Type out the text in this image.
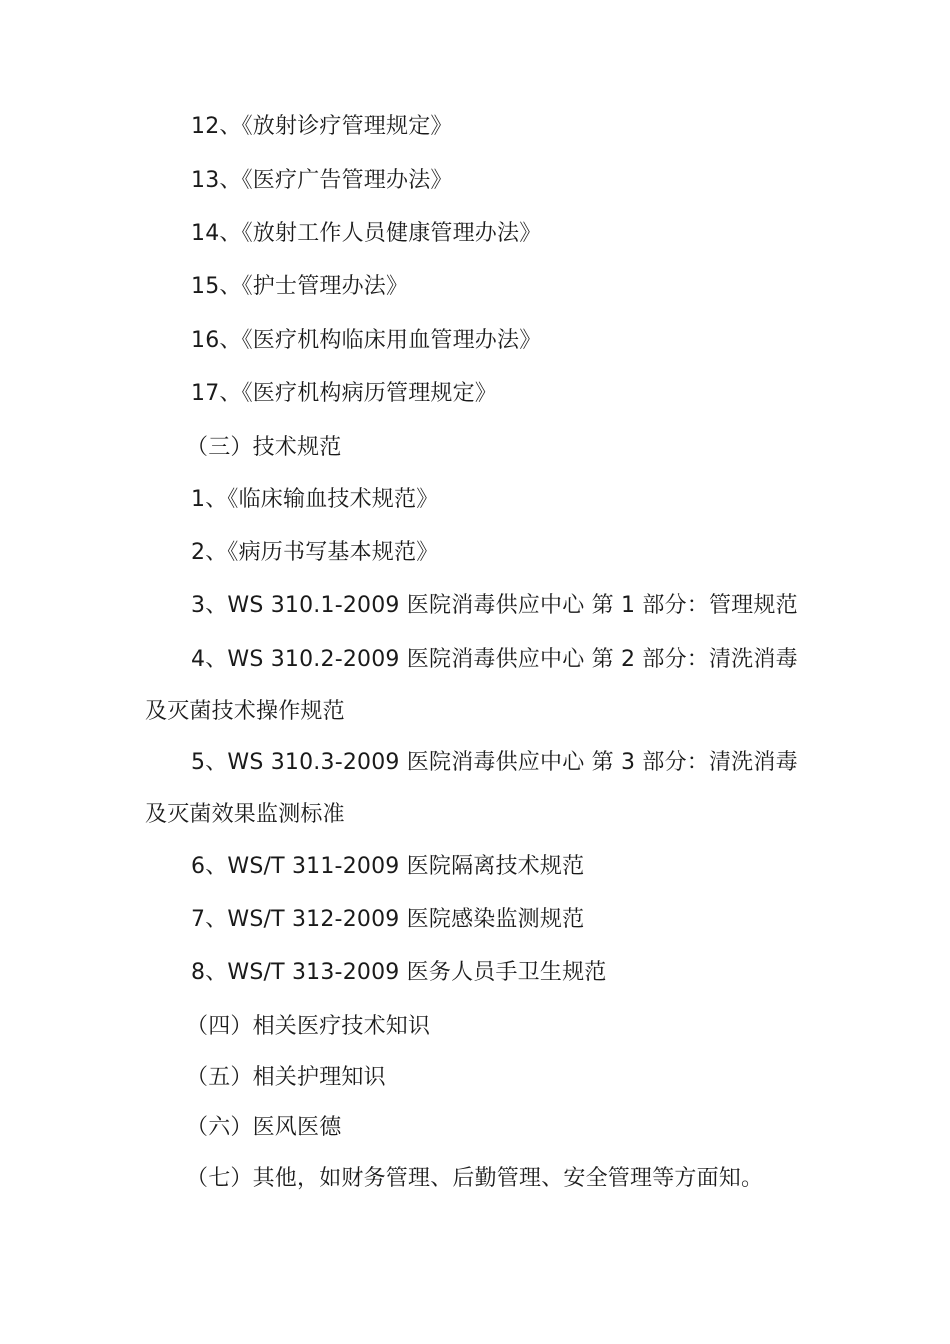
12、《放射诊疗管理规定》
13、《医疗广告管理办法》
14、《放射工作人员健康管理办法》
15、《护士管理办法》
16、《医疗机构临床用血管理办法》
17、《医疗机构病历管理规定》
（三）技术规范
1、《临床输血技术规范》
2、《病历书写基本规范》
3、WS 310.1-2009 医院消毒供应中心 第 1 部分：管理规范
4、WS 310.2-2009 医院消毒供应中心 第 2 部分：清洗消毒
及灭菌技术操作规范
5、WS 310.3-2009 医院消毒供应中心 第 3 部分：清洗消毒
及灭菌效果监测标准
6、WS/T 311-2009 医院隔离技术规范
7、WS/T 312-2009 医院感染监测规范
8、WS/T 313-2009 医务人员手卫生规范
（四）相关医疗技术知识
（五）相关护理知识
（六）医风医德
（七）其他，如财务管理、后勤管理、安全管理等方面知。
